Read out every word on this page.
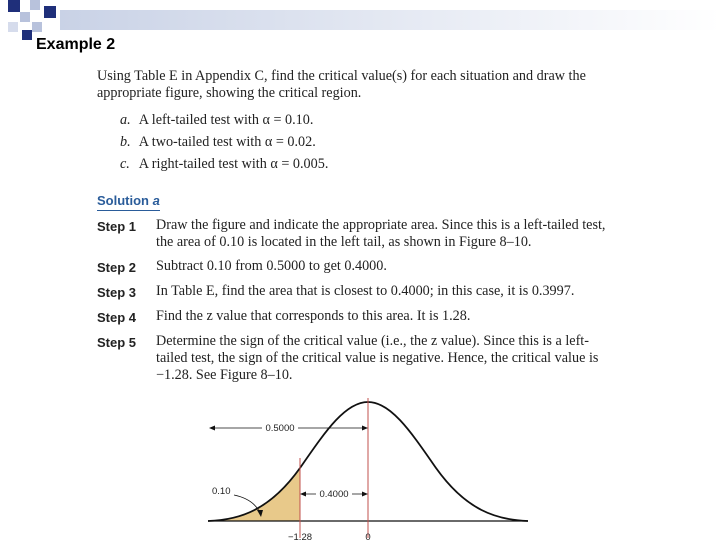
Example 2

Using Table E in Appendix C, find the critical value(s) for each situation and draw the appropriate figure, showing the critical region.

a. A left-tailed test with α = 0.10.
b. A two-tailed test with α = 0.02.
c. A right-tailed test with α = 0.005.
Solution a
Step 1	Draw the figure and indicate the appropriate area. Since this is a left-tailed test, the area of 0.10 is located in the left tail, as shown in Figure 8–10.
Step 2	Subtract 0.10 from 0.5000 to get 0.4000.
Step 3	In Table E, find the area that is closest to 0.4000; in this case, it is 0.3997.
Step 4	Find the z value that corresponds to this area. It is 1.28.
Step 5	Determine the sign of the critical value (i.e., the z value). Since this is a left-tailed test, the sign of the critical value is negative. Hence, the critical value is −1.28. See Figure 8–10.
0.5000
0.4000
0.10
−1.28	0
